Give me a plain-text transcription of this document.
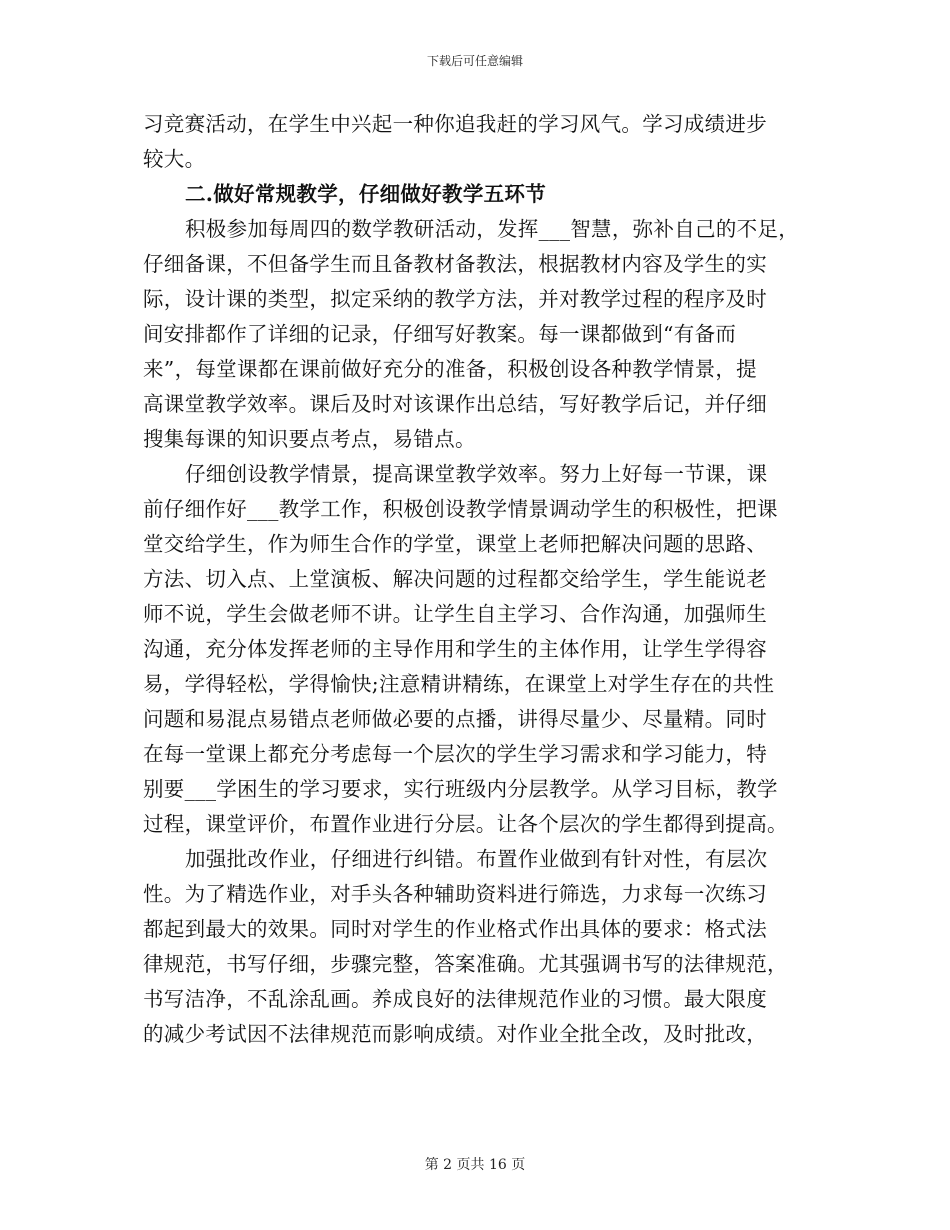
下载后可任意编辑
习竞赛活动，在学生中兴起一种你追我赶的学习风气。学习成绩进步
较大。
二.做好常规教学，仔细做好教学五环节
积极参加每周四的数学教研活动，发挥___智慧，弥补自己的不足，
仔细备课，不但备学生而且备教材备教法，根据教材内容及学生的实
际，设计课的类型，拟定采纳的教学方法，并对教学过程的程序及时
间安排都作了详细的记录，仔细写好教案。每一课都做到“有备而
来”，每堂课都在课前做好充分的准备，积极创设各种教学情景，提
高课堂教学效率。课后及时对该课作出总结，写好教学后记，并仔细
搜集每课的知识要点考点，易错点。
仔细创设教学情景，提高课堂教学效率。努力上好每一节课，课
前仔细作好___教学工作，积极创设教学情景调动学生的积极性，把课
堂交给学生，作为师生合作的学堂，课堂上老师把解决问题的思路、
方法、切入点、上堂演板、解决问题的过程都交给学生，学生能说老
师不说，学生会做老师不讲。让学生自主学习、合作沟通，加强师生
沟通，充分体发挥老师的主导作用和学生的主体作用，让学生学得容
易，学得轻松，学得愉快;注意精讲精练，在课堂上对学生存在的共性
问题和易混点易错点老师做必要的点播，讲得尽量少、尽量精。同时
在每一堂课上都充分考虑每一个层次的学生学习需求和学习能力，特
别要___学困生的学习要求，实行班级内分层教学。从学习目标，教学
过程，课堂评价，布置作业进行分层。让各个层次的学生都得到提高。
加强批改作业，仔细进行纠错。布置作业做到有针对性，有层次
性。为了精选作业，对手头各种辅助资料进行筛选，力求每一次练习
都起到最大的效果。同时对学生的作业格式作出具体的要求：格式法
律规范，书写仔细，步骤完整，答案准确。尤其强调书写的法律规范，
书写洁净，不乱涂乱画。养成良好的法律规范作业的习惯。最大限度
的减少考试因不法律规范而影响成绩。对作业全批全改，及时批改，
第 2 页共 16 页
